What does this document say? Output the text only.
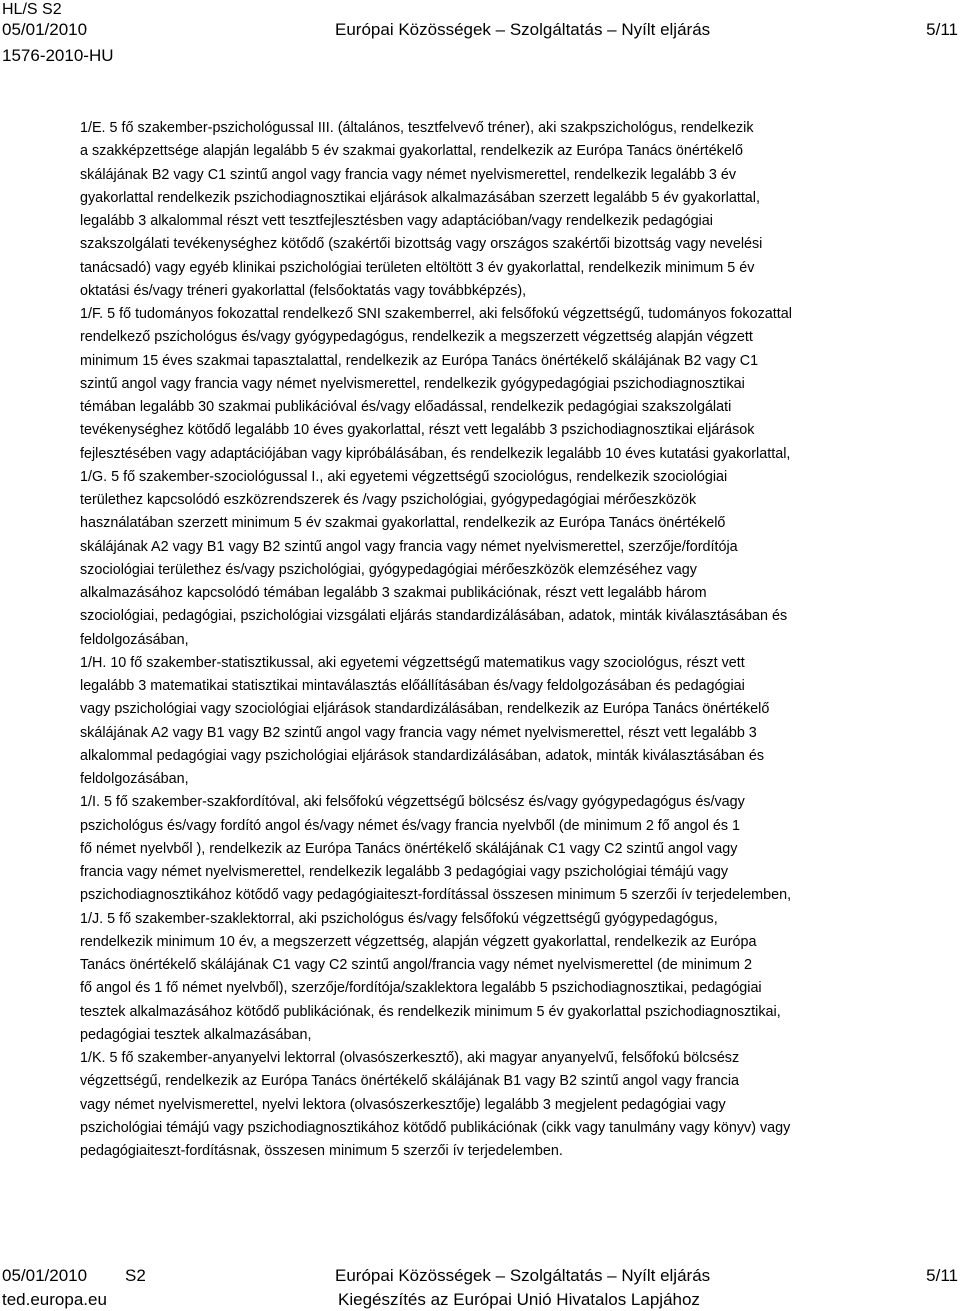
HL/S S2
05/01/2010	Európai Közösségek – Szolgáltatás – Nyílt eljárás	5/11
1576-2010-HU
1/E. 5 fő szakember-pszichológussal III. (általános, tesztfelvevő tréner), aki szakpszichológus, rendelkezik
a szakképzettsége alapján legalább 5 év szakmai gyakorlattal, rendelkezik az Európa Tanács önértékelő
skálájának B2 vagy C1 szintű angol vagy francia vagy német nyelvismerettel, rendelkezik legalább 3 év
gyakorlattal rendelkezik pszichodiagnosztikai eljárások alkalmazásában szerzett legalább 5 év gyakorlattal,
legalább 3 alkalommal részt vett tesztfejlesztésben vagy adaptációban/vagy rendelkezik pedagógiai
szakszolgálati tevékenységhez kötődő (szakértői bizottság vagy országos szakértői bizottság vagy nevelési
tanácsadó) vagy egyéb klinikai pszichológiai területen eltöltött 3 év gyakorlattal, rendelkezik minimum 5 év
oktatási és/vagy tréneri gyakorlattal (felsőoktatás vagy továbbképzés),
1/F. 5 fő tudományos fokozattal rendelkező SNI szakemberrel, aki felsőfokú végzettségű, tudományos fokozattal
rendelkező pszichológus és/vagy gyógypedagógus, rendelkezik a megszerzett végzettség alapján végzett
minimum 15 éves szakmai tapasztalattal, rendelkezik az Európa Tanács önértékelő skálájának B2 vagy C1
szintű angol vagy francia vagy német nyelvismerettel, rendelkezik gyógypedagógiai pszichodiagnosztikai
témában legalább 30 szakmai publikációval és/vagy előadással, rendelkezik pedagógiai szakszolgálati
tevékenységhez kötődő legalább 10 éves gyakorlattal, részt vett legalább 3 pszichodiagnosztikai eljárások
fejlesztésében vagy adaptációjában vagy kipróbálásában, és rendelkezik legalább 10 éves kutatási gyakorlattal,
1/G. 5 fő szakember-szociológussal I., aki egyetemi végzettségű szociológus, rendelkezik szociológiai
területhez kapcsolódó eszközrendszerek és /vagy pszichológiai, gyógypedagógiai mérőeszközök
használatában szerzett minimum 5 év szakmai gyakorlattal, rendelkezik az Európa Tanács önértékelő
skálájának A2 vagy B1 vagy B2 szintű angol vagy francia vagy német nyelvismerettel, szerzője/fordítója
szociológiai területhez és/vagy pszichológiai, gyógypedagógiai mérőeszközök elemzéséhez vagy
alkalmazásához kapcsolódó témában legalább 3 szakmai publikációnak, részt vett legalább három
szociológiai, pedagógiai, pszichológiai vizsgálati eljárás standardizálásában, adatok, minták kiválasztásában és
feldolgozásában,
1/H. 10 fő szakember-statisztikussal, aki egyetemi végzettségű matematikus vagy szociológus, részt vett
legalább 3 matematikai statisztikai mintaválasztás előállításában és/vagy feldolgozásában és pedagógiai
vagy pszichológiai vagy szociológiai eljárások standardizálásában, rendelkezik az Európa Tanács önértékelő
skálájának A2 vagy B1 vagy B2 szintű angol vagy francia vagy német nyelvismerettel, részt vett legalább 3
alkalommal pedagógiai vagy pszichológiai eljárások standardizálásában, adatok, minták kiválasztásában és
feldolgozásában,
1/I. 5 fő szakember-szakfordítóval, aki felsőfokú végzettségű bölcsész és/vagy gyógypedagógus és/vagy
pszichológus és/vagy fordító angol és/vagy német és/vagy francia nyelvből (de minimum 2 fő angol és 1
fő német nyelvből ), rendelkezik az Európa Tanács önértékelő skálájának C1 vagy C2 szintű angol vagy
francia vagy német nyelvismerettel, rendelkezik legalább 3 pedagógiai vagy pszichológiai témájú vagy
pszichodiagnosztikához kötődő vagy pedagógiaiteszt-fordítással összesen minimum 5 szerzői ív terjedelemben,
1/J. 5 fő szakember-szaklektorral, aki pszichológus és/vagy felsőfokú végzettségű gyógypedagógus,
rendelkezik minimum 10 év, a megszerzett végzettség, alapján végzett gyakorlattal, rendelkezik az Európa
Tanács önértékelő skálájának C1 vagy C2 szintű angol/francia vagy német nyelvismerettel (de minimum 2
fő angol és 1 fő német nyelvből), szerzője/fordítója/szaklektora legalább 5 pszichodiagnosztikai, pedagógiai
tesztek alkalmazásához kötődő publikációnak, és rendelkezik minimum 5 év gyakorlattal pszichodiagnosztikai,
pedagógiai tesztek alkalmazásában,
1/K. 5 fő szakember-anyanyelvi lektorral (olvasószerkesztő), aki magyar anyanyelvű, felsőfokú bölcsész
végzettségű, rendelkezik az Európa Tanács önértékelő skálájának B1 vagy B2 szintű angol vagy francia
vagy német nyelvismerettel, nyelvi lektora (olvasószerkesztője) legalább 3 megjelent pedagógiai vagy
pszichológiai témájú vagy pszichodiagnosztikához kötődő publikációnak (cikk vagy tanulmány vagy könyv) vagy
pedagógiaiteszt-fordításnak, összesen minimum 5 szerzői ív terjedelemben.
05/01/2010 S2	Európai Közösségek – Szolgáltatás – Nyílt eljárás	5/11
ted.europa.eu	Kiegészítés az Európai Unió Hivatalos Lapjához
